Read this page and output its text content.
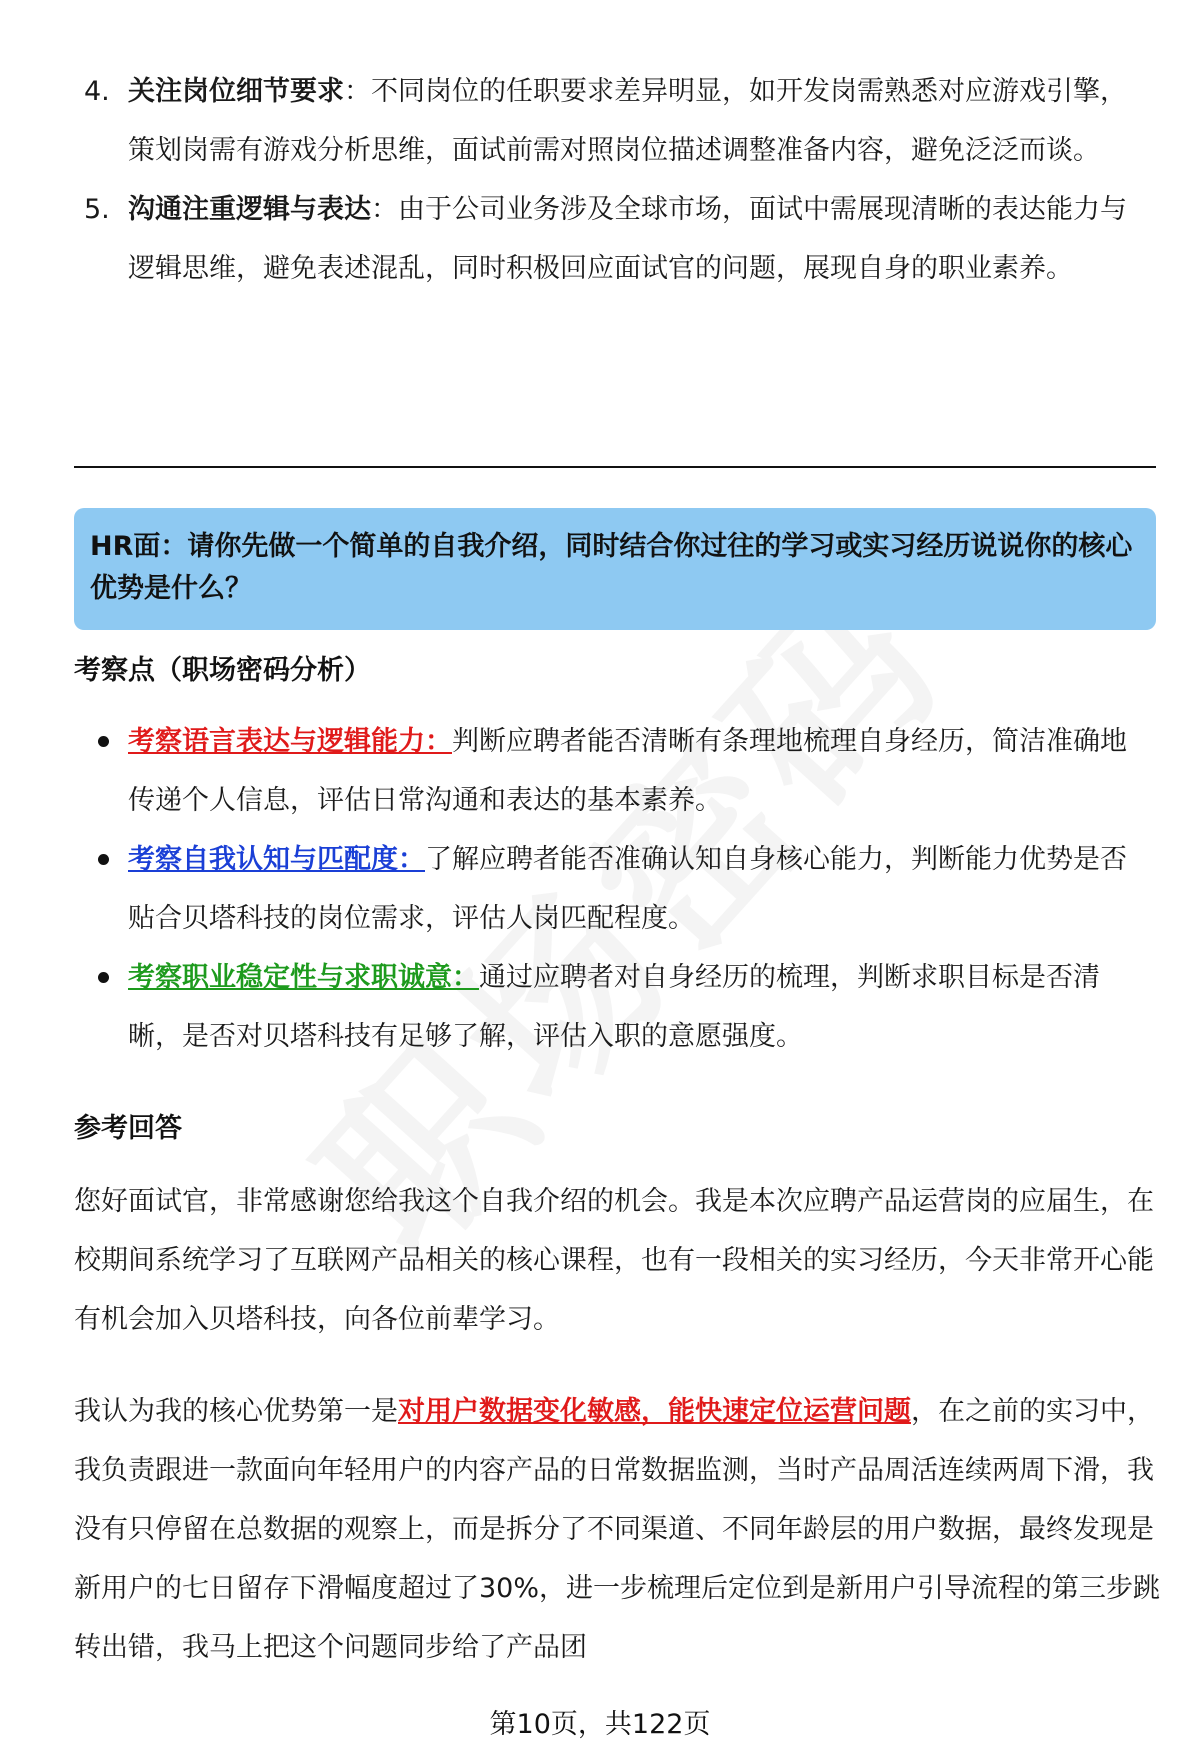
4. 关注岗位细节要求：不同岗位的任职要求差异明显，如开发岗需熟悉对应游戏引擎，策划岗需有游戏分析思维，面试前需对照岗位描述调整准备内容，避免泛泛而谈。
5. 沟通注重逻辑与表达：由于公司业务涉及全球市场，面试中需展现清晰的表达能力与逻辑思维，避免表述混乱，同时积极回应面试官的问题，展现自身的职业素养。
HR面：请你先做一个简单的自我介绍，同时结合你过往的学习或实习经历说说你的核心优势是什么？
考察点（职场密码分析）
考察语言表达与逻辑能力：判断应聘者能否清晰有条理地梳理自身经历，简洁准确地传递个人信息，评估日常沟通和表达的基本素养。
考察自我认知与匹配度：了解应聘者能否准确认知自身核心能力，判断能力优势是否贴合贝塔科技的岗位需求，评估人岗匹配程度。
考察职业稳定性与求职诚意：通过应聘者对自身经历的梳理，判断求职目标是否清晰，是否对贝塔科技有足够了解，评估入职的意愿强度。
参考回答
您好面试官，非常感谢您给我这个自我介绍的机会。我是本次应聘产品运营岗的应届生，在校期间系统学习了互联网产品相关的核心课程，也有一段相关的实习经历，今天非常开心能有机会加入贝塔科技，向各位前辈学习。
我认为我的核心优势第一是对用户数据变化敏感，能快速定位运营问题，在之前的实习中，我负责跟进一款面向年轻用户的内容产品的日常数据监测，当时产品周活连续两周下滑，我没有只停留在总数据的观察上，而是拆分了不同渠道、不同年龄层的用户数据，最终发现是新用户的七日留存下滑幅度超过了30%，进一步梳理后定位到是新用户引导流程的第三步跳转出错，我马上把这个问题同步给了产品团
第10页，共122页
